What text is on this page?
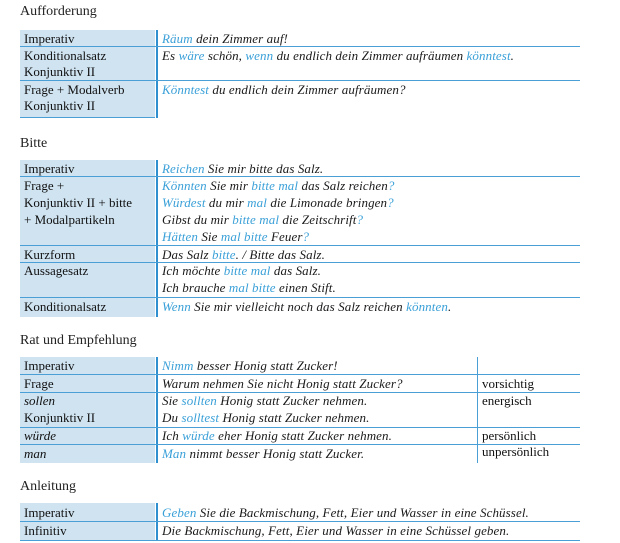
Aufforderung
Imperativ
Konditionalsatz
Konjunktiv II
Frage + Modalverb
Konjunktiv II
Räum dein Zimmer auf!
Es wäre schön, wenn du endlich dein Zimmer aufräumen könntest.
Könntest du endlich dein Zimmer aufräumen?
Bitte
Imperativ
Frage +
Konjunktiv II + bitte
+ Modalpartikeln
Kurzform
Aussagesatz
Konditionalsatz
Reichen Sie mir bitte das Salz.
Könnten Sie mir bitte mal das Salz reichen?
Würdest du mir mal die Limonade bringen?
Gibst du mir bitte mal die Zeitschrift?
Hätten Sie mal bitte Feuer?
Das Salz bitte. / Bitte das Salz.
Ich möchte bitte mal das Salz.
Ich brauche mal bitte einen Stift.
Wenn Sie mir vielleicht noch das Salz reichen könnten.
Rat und Empfehlung
Imperativ
Frage
sollen
Konjunktiv II
würde
man
Nimm besser Honig statt Zucker!
Warum nehmen Sie nicht Honig statt Zucker?
Sie sollten Honig statt Zucker nehmen.
Du solltest Honig statt Zucker nehmen.
Ich würde eher Honig statt Zucker nehmen.
Man nimmt besser Honig statt Zucker.
vorsichtig
energisch
persönlich
unpersönlich
Anleitung
Imperativ
Infinitiv
Geben Sie die Backmischung, Fett, Eier und Wasser in eine Schüssel.
Die Backmischung, Fett, Eier und Wasser in eine Schüssel geben.
